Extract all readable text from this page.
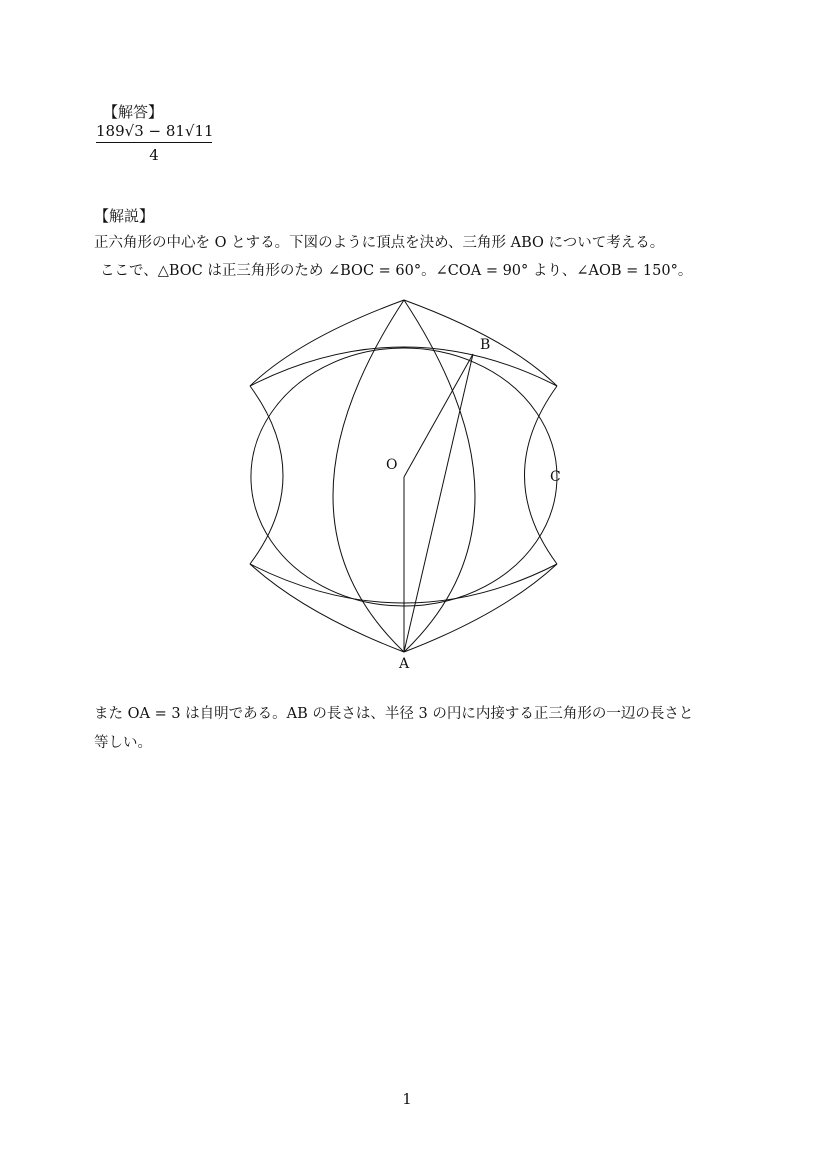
【解答】
$\frac{189√3 - 81√11}{4}$
【解説】
正六角形の中心を O とする。下図のように頂点を決め、三角形 ABO について考える。
ここで、△BOC は正三角形のため ∠BOC = 60°。∠COA = 90° より、∠AOB = 150°。
B
O
C
A
また OA = 3 は自明である。AB の長さは、半径 3 の円に内接する正三角形の一辺の長さと
等しい。
1
